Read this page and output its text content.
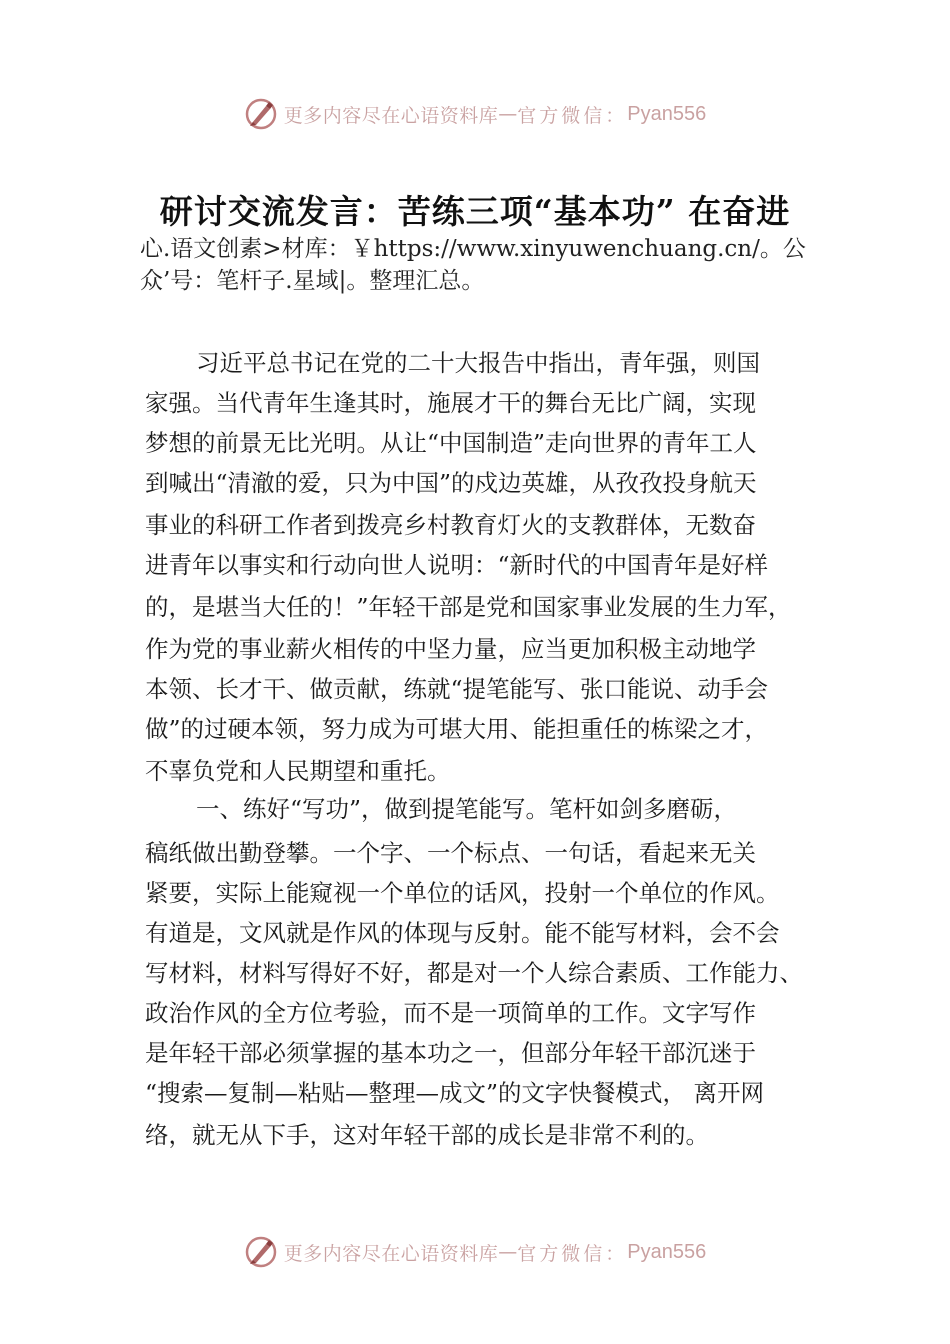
更多内容尽在心语资料库 — 官方微信： Pyan556
研讨交流发言：苦练三项“基本功” 在奋进
心.语文创素>材库：￥https://www.xinyuwenchuang.cn/。公
众’号：笔杆子.星域|。整理汇总。
习近平总书记在党的二十大报告中指出，青年强，则国
家强。当代青年生逢其时，施展才干的舞台无比广阔，实现
梦想的前景无比光明。从让“中国制造”走向世界的青年工人
到喊出“清澈的爱，只为中国”的戍边英雄，从孜孜投身航天
事业的科研工作者到拨亮乡村教育灯火的支教群体，无数奋
进青年以事实和行动向世人说明：“新时代的中国青年是好样
的，是堪当大任的！”年轻干部是党和国家事业发展的生力军，
作为党的事业薪火相传的中坚力量，应当更加积极主动地学
本领、长才干、做贡献，练就“提笔能写、张口能说、动手会
做”的过硬本领，努力成为可堪大用、能担重任的栋梁之才，
不辜负党和人民期望和重托。
一、练好“写功”，做到提笔能写。笔杆如剑多磨砺，
稿纸做出勤登攀。一个字、一个标点、一句话，看起来无关
紧要，实际上能窥视一个单位的话风，投射一个单位的作风。
有道是，文风就是作风的体现与反射。能不能写材料，会不会
写材料，材料写得好不好，都是对一个人综合素质、工作能力、
政治作风的全方位考验，而不是一项简单的工作。文字写作
是年轻干部必须掌握的基本功之一，但部分年轻干部沉迷于
“搜索—复制—粘贴—整理—成文”的文字快餐模式， 离开网
络，就无从下手，这对年轻干部的成长是非常不利的。
更多内容尽在心语资料库 — 官方微信： Pyan556
